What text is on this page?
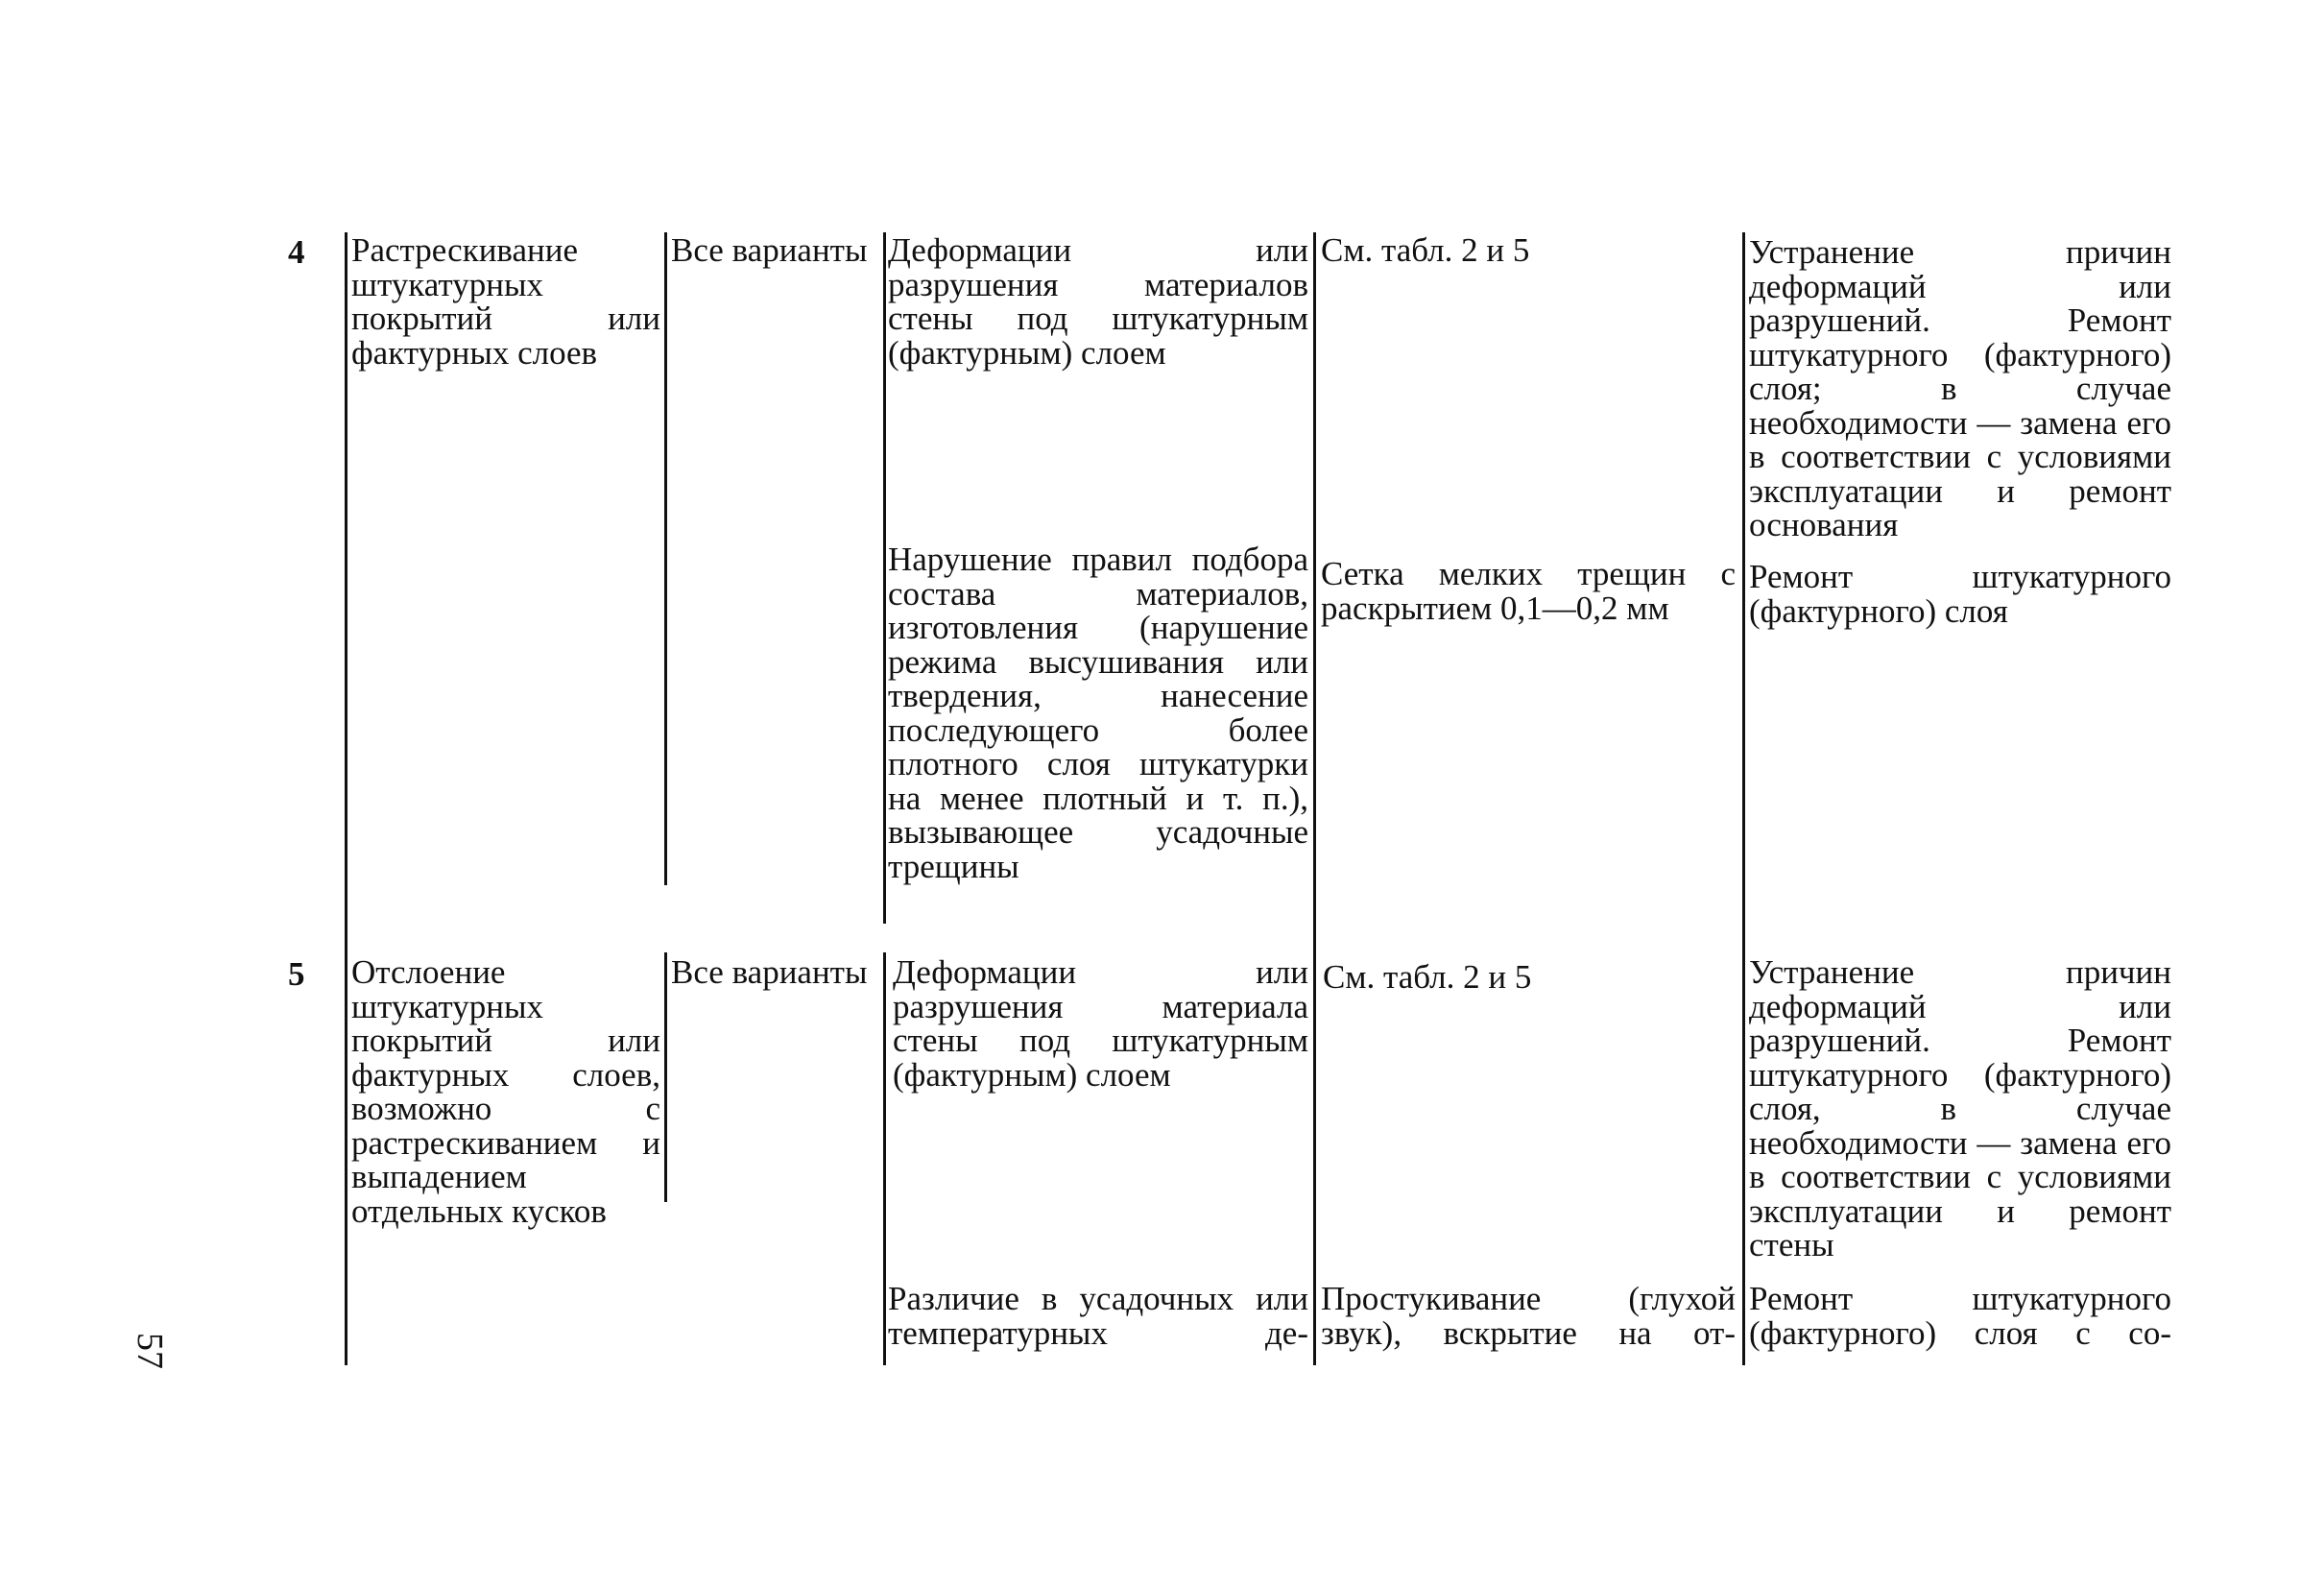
4 Растрескивание штукатурных покрытий или фактурных слоев

Все варианты Деформации или разрушения материалов стены под штукатурным (фактурным) слоем

См. табл. 2 и 5	Устранение причин деформаций или разрушений. Ремонт штукатурного (фактурного) слоя; в случае необходимости — замена его в соответствии с условиями эксплуатации и ремонт основания

Нарушение правил подбора состава материалов, изготовления (нарушение режима высушивания или твердения, нанесение последующего более плотного слоя штукатурки на менее плотный и т. п.), вызывающее усадочные трещины

Сетка мелких трещин с раскрытием 0,1—0,2 мм

Ремонт штукатурного (фактурного) слоя

5 Отслоение штукатурных покрытий или фактурных слоев, возможно с растрескиванием и выпадением отдельных кусков

Все варианты Деформации или разрушения материала стены под штукатурным (фактурным) слоем

См. табл. 2 и 5	Устранение причин деформаций или разрушений. Ремонт штукатурного (фактурного) слоя, в случае необходимости — замена его в соответствии с условиями эксплуатации и ремонт стены

Различие в усадочных или температурных де-

Простукивание (глухой звук), вскрытие на от-

Ремонт штукатурного (фактурного) слоя с со-

57
